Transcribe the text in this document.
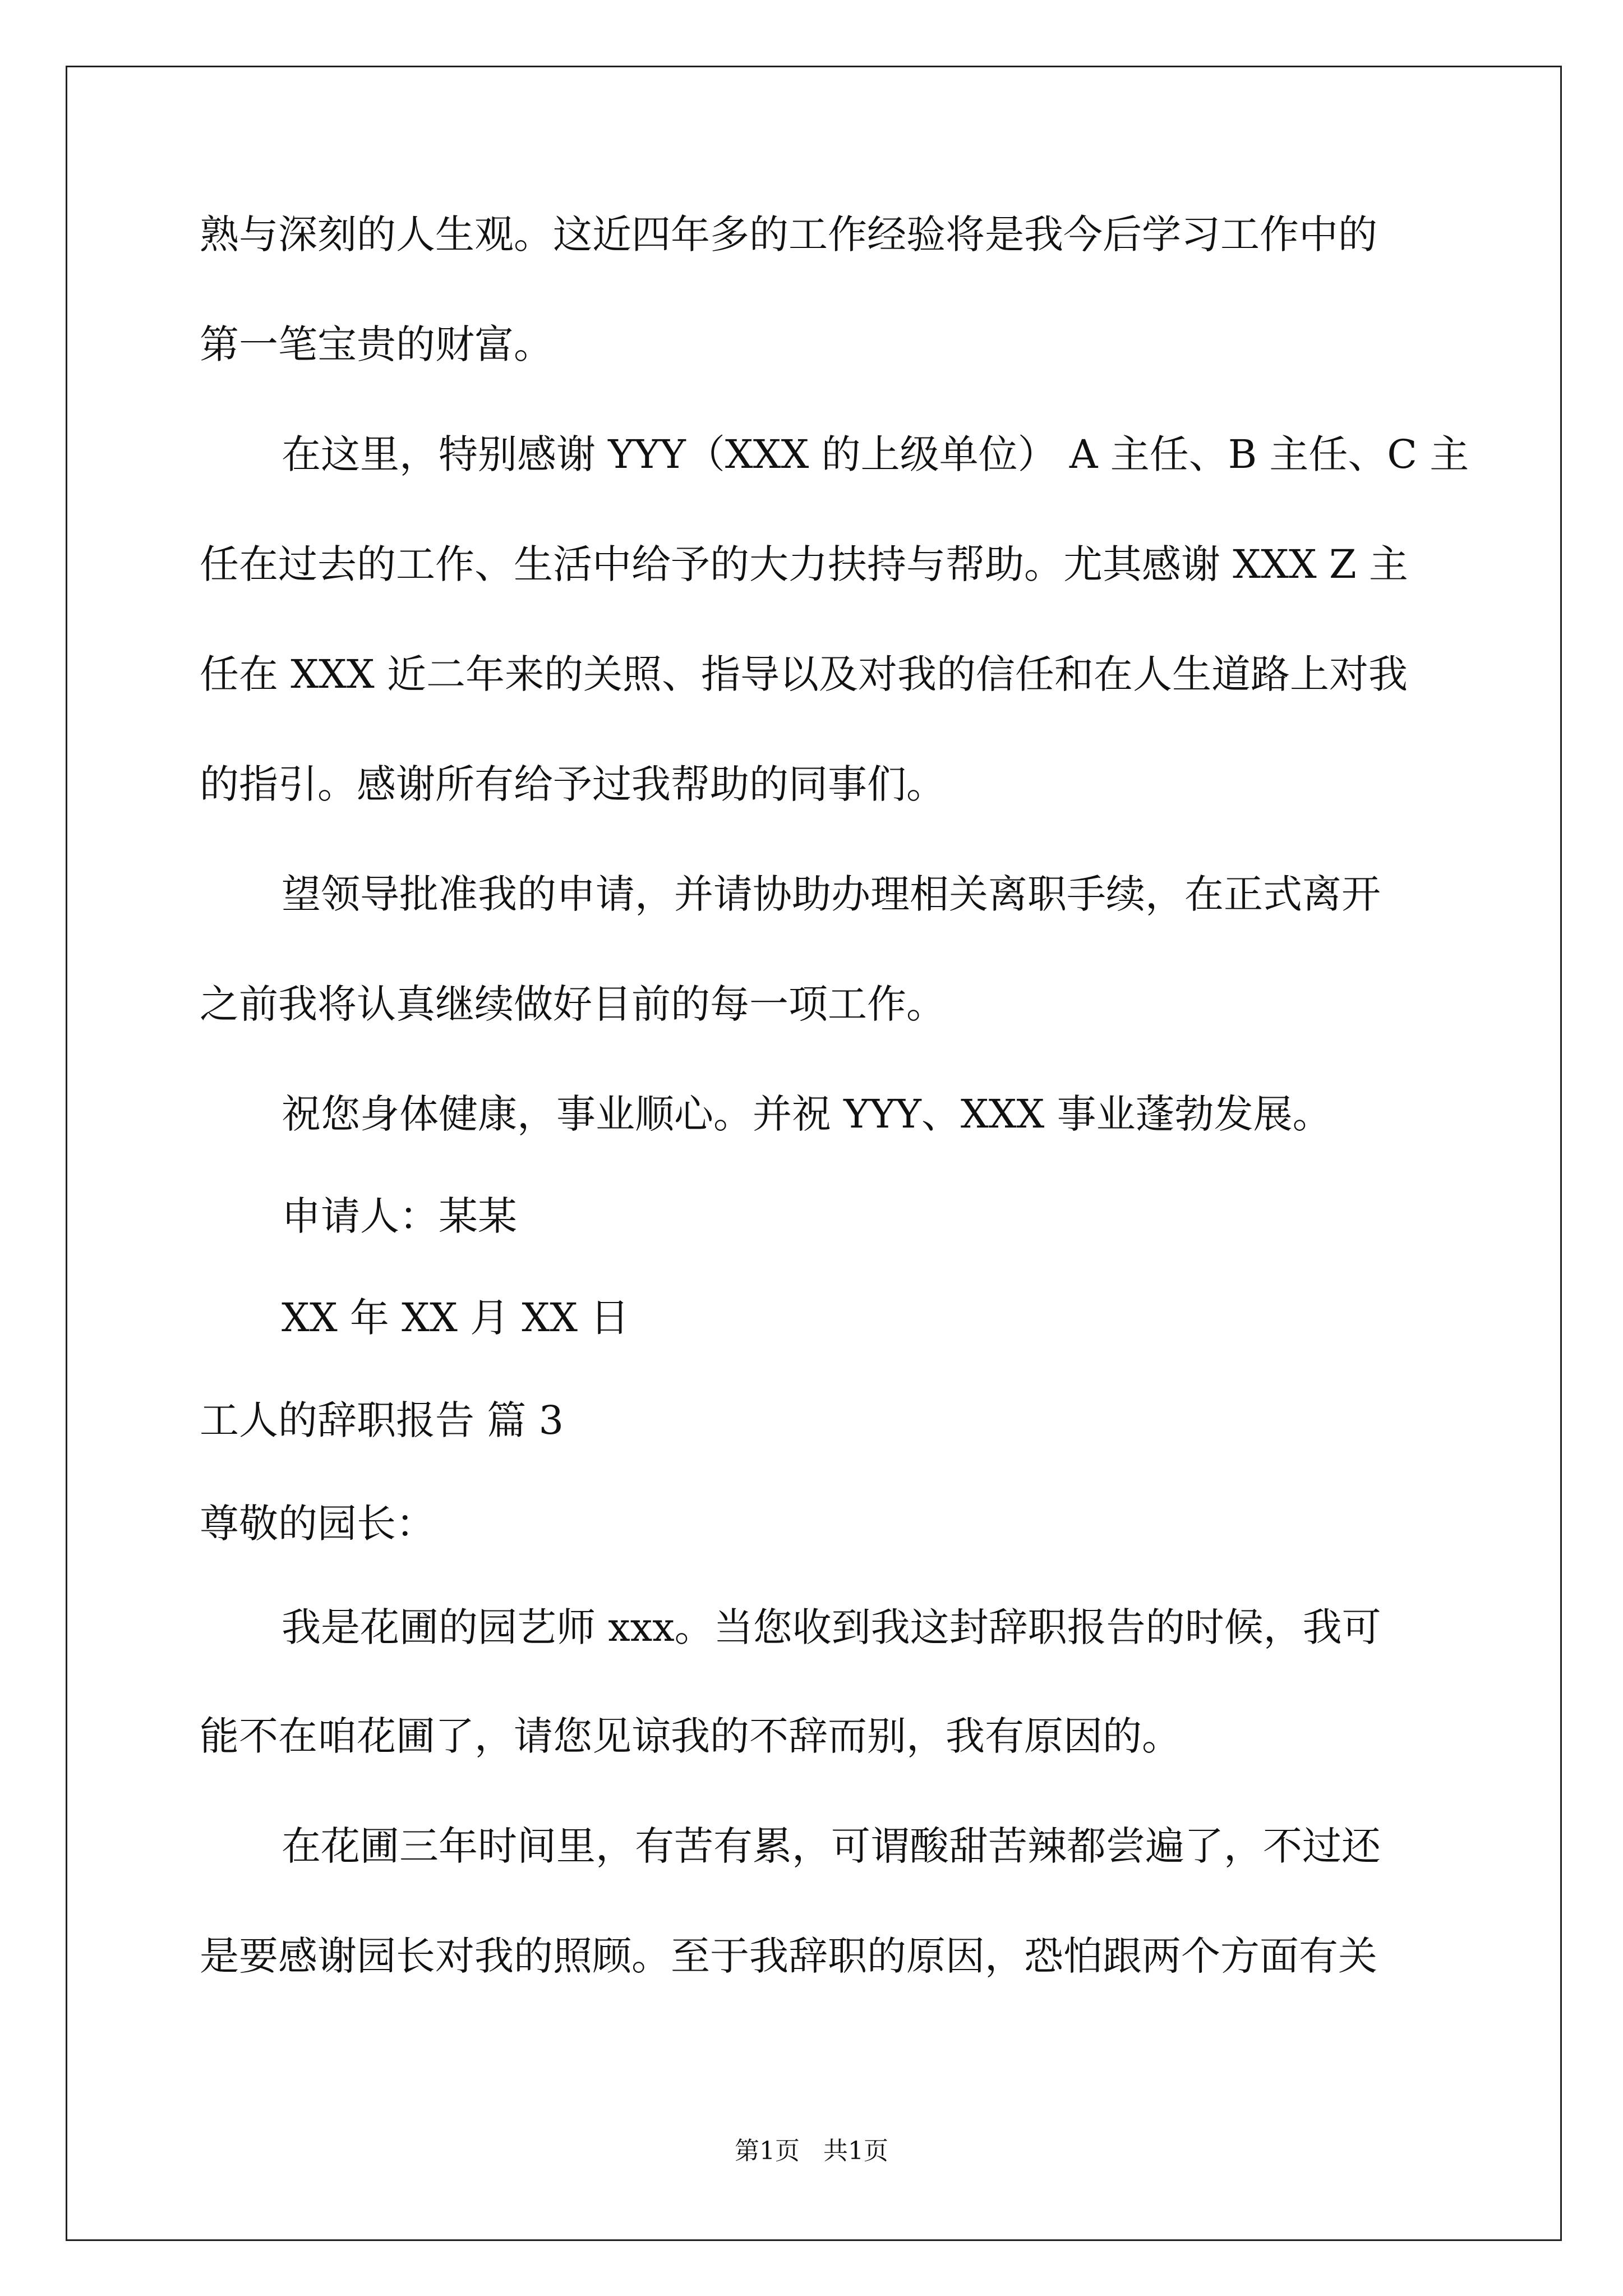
熟与深刻的人生观。这近四年多的工作经验将是我今后学习工作中的
第一笔宝贵的财富。
在这里，特别感谢 YYY（XXX 的上级单位） A 主任、B 主任、C 主
任在过去的工作、生活中给予的大力扶持与帮助。尤其感谢 XXX Z 主
任在 XXX 近二年来的关照、指导以及对我的信任和在人生道路上对我
的指引。感谢所有给予过我帮助的同事们。
望领导批准我的申请，并请协助办理相关离职手续，在正式离开
之前我将认真继续做好目前的每一项工作。
祝您身体健康，事业顺心。并祝 YYY、XXX 事业蓬勃发展。
申请人：某某
XX 年 XX 月 XX 日
工人的辞职报告 篇 3
尊敬的园长：
我是花圃的园艺师 xxx。当您收到我这封辞职报告的时候，我可
能不在咱花圃了，请您见谅我的不辞而别，我有原因的。
在花圃三年时间里，有苦有累，可谓酸甜苦辣都尝遍了，不过还
是要感谢园长对我的照顾。至于我辞职的原因，恐怕跟两个方面有关
第1页   共1页
